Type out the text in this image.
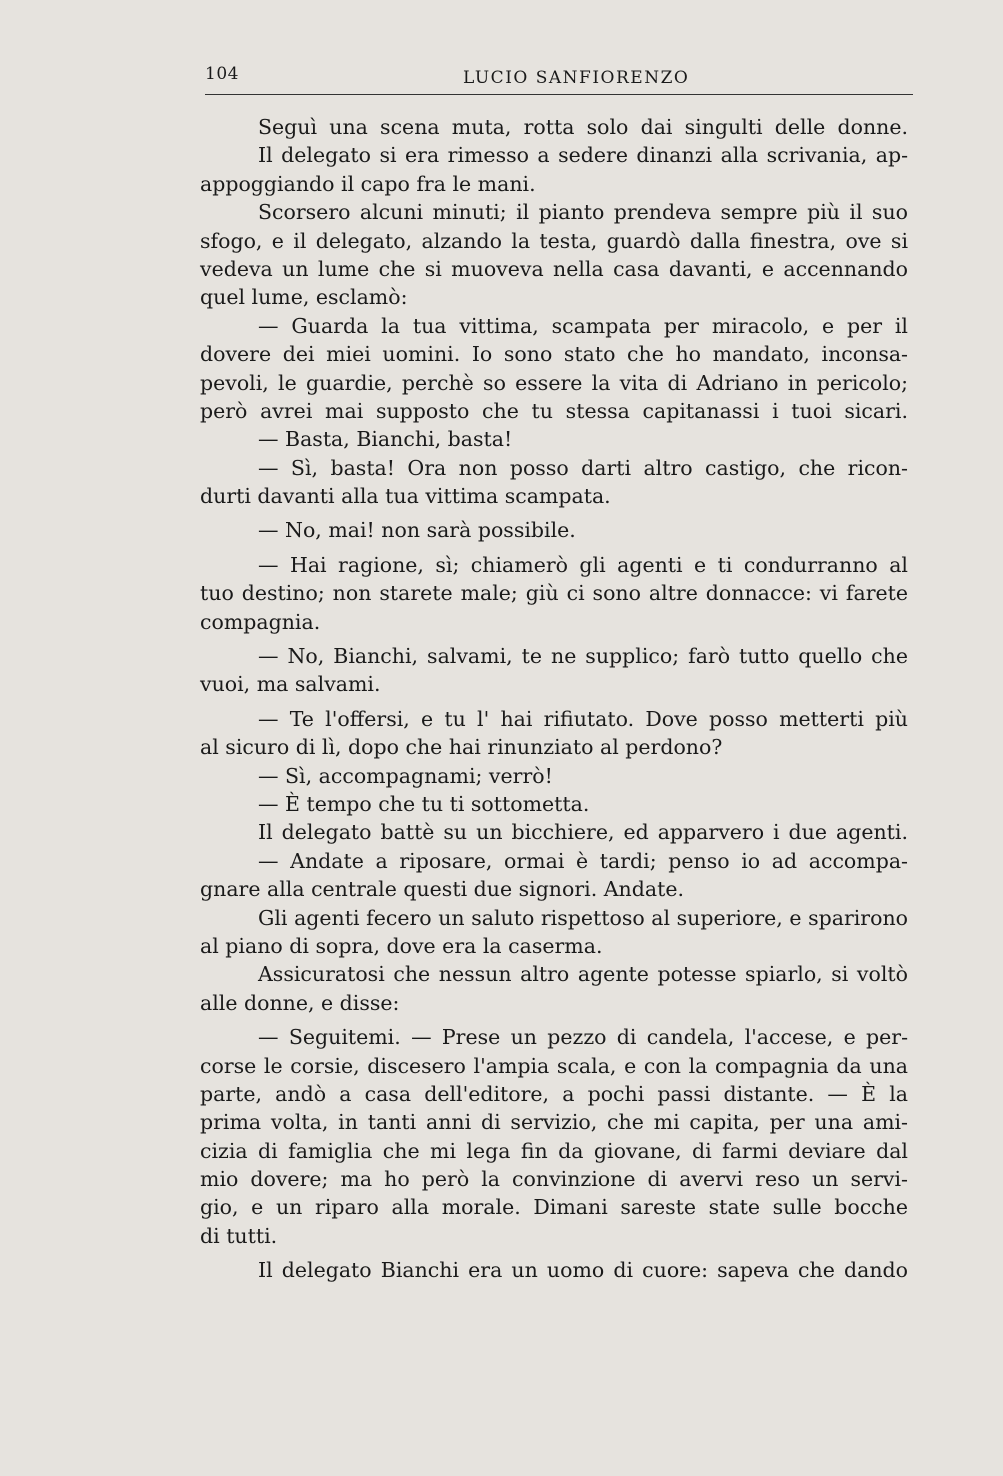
104	LUCIO SANFIORENZO
Seguì una scena muta, rotta solo dai singulti delle donne.
Il delegato si era rimesso a sedere dinanzi alla scrivania, ap-
appoggiando il capo fra le mani.
Scorsero alcuni minuti; il pianto prendeva sempre più il suo
sfogo, e il delegato, alzando la testa, guardò dalla finestra, ove si
vedeva un lume che si muoveva nella casa davanti, e accennando
quel lume, esclamò:
— Guarda la tua vittima, scampata per miracolo, e per il
dovere dei miei uomini. Io sono stato che ho mandato, inconsa-
pevoli, le guardie, perchè so essere la vita di Adriano in pericolo;
però avrei mai supposto che tu stessa capitanassi i tuoi sicari.
— Basta, Bianchi, basta!
— Sì, basta! Ora non posso darti altro castigo, che ricon-
durti davanti alla tua vittima scampata.
— No, mai! non sarà possibile.
— Hai ragione, sì; chiamerò gli agenti e ti condurranno al
tuo destino; non starete male; giù ci sono altre donnacce: vi farete
compagnia.
— No, Bianchi, salvami, te ne supplico; farò tutto quello che
vuoi, ma salvami.
— Te l'offersi, e tu l' hai rifiutato. Dove posso metterti più
al sicuro di lì, dopo che hai rinunziato al perdono?
— Sì, accompagnami; verrò!
— È tempo che tu ti sottometta.
Il delegato battè su un bicchiere, ed apparvero i due agenti.
— Andate a riposare, ormai è tardi; penso io ad accompa-
gnare alla centrale questi due signori. Andate.
Gli agenti fecero un saluto rispettoso al superiore, e sparirono
al piano di sopra, dove era la caserma.
Assicuratosi che nessun altro agente potesse spiarlo, si voltò
alle donne, e disse:
— Seguitemi. — Prese un pezzo di candela, l'accese, e per-
corse le corsie, discesero l'ampia scala, e con la compagnia da una
parte, andò a casa dell'editore, a pochi passi distante. — È la
prima volta, in tanti anni di servizio, che mi capita, per una ami-
cizia di famiglia che mi lega fin da giovane, di farmi deviare dal
mio dovere; ma ho però la convinzione di avervi reso un servi-
gio, e un riparo alla morale. Dimani sareste state sulle bocche
di tutti.
Il delegato Bianchi era un uomo di cuore: sapeva che dando
